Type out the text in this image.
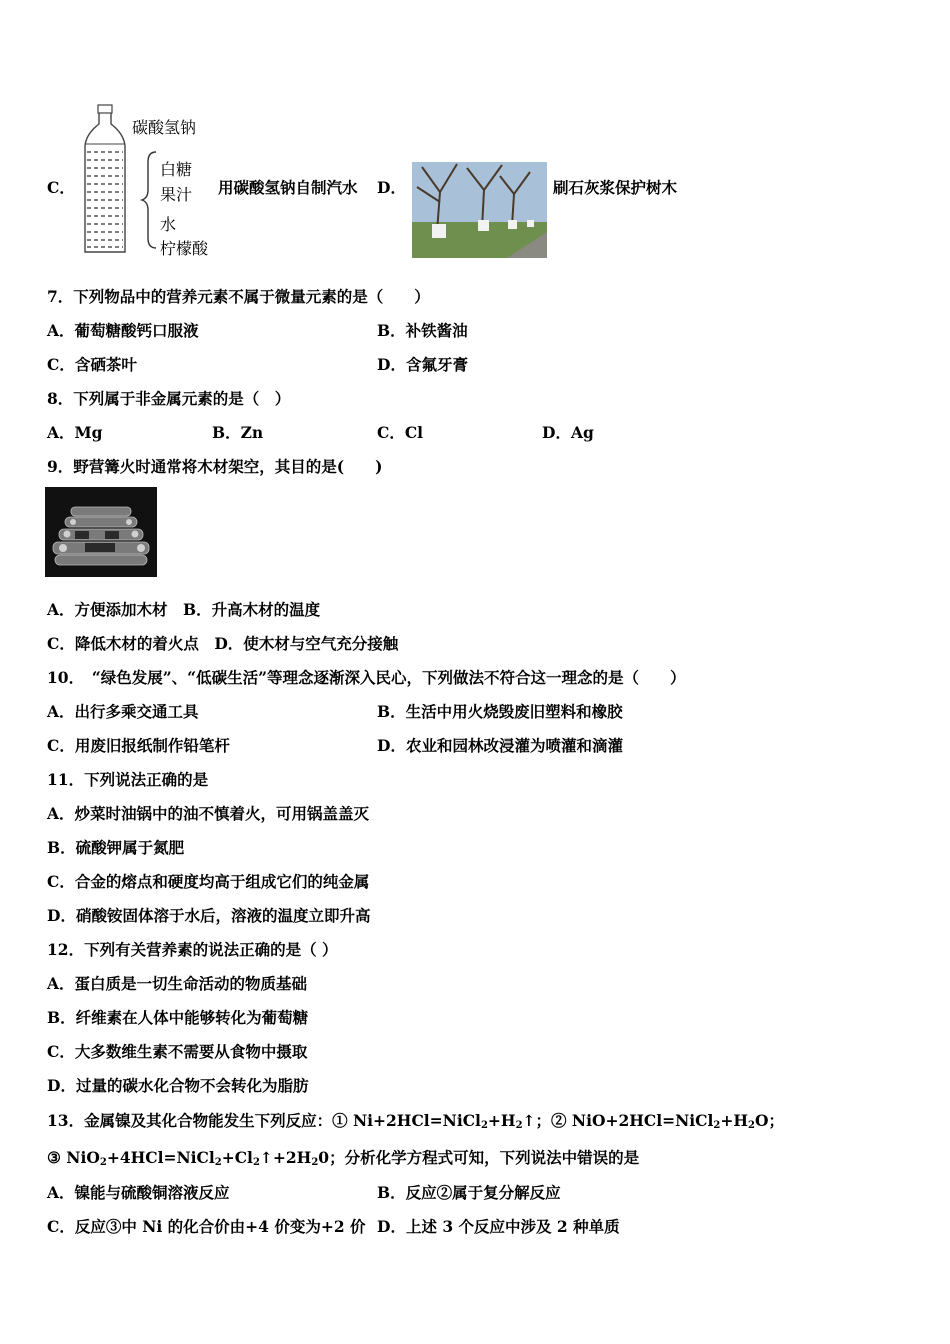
C．
碳酸氢钠
白糖
果汁
水
柠檬酸
用碳酸氢钠自制汽水 D．	刷石灰浆保护树木
7．下列物品中的营养元素不属于微量元素的是（　　）
A．葡萄糖酸钙口服液	B．补铁酱油
C．含硒茶叶	D．含氟牙膏
8．下列属于非金属元素的是（　）
A．Mg	B．Zn	C．Cl	D．Ag
9．野营篝火时通常将木材架空，其目的是(　　)
A．方便添加木材　B．升高木材的温度
C．降低木材的着火点　D．使木材与空气充分接触
10．　“绿色发展”、“低碳生活”等理念逐渐深入民心，下列做法不符合这一理念的是（　　）
A．出行多乘交通工具	B．生活中用火烧毁废旧塑料和橡胶
C．用废旧报纸制作铅笔杆	D．农业和园林改浸灌为喷灌和滴灌
11．下列说法正确的是
A．炒菜时油锅中的油不慎着火，可用锅盖盖灭
B．硫酸钾属于氮肥
C．合金的熔点和硬度均高于组成它们的纯金属
D．硝酸铵固体溶于水后，溶液的温度立即升高
12．下列有关营养素的说法正确的是（ ）
A．蛋白质是一切生命活动的物质基础
B．纤维素在人体中能够转化为葡萄糖
C．大多数维生素不需要从食物中摄取
D．过量的碳水化合物不会转化为脂肪
13．金属镍及其化合物能发生下列反应：① $Ni+2HCl=NiCl_2+H_2↑$；② $NiO+2HCl=NiCl_2+H_2O$；
③ $NiO_2+4HCl=NiCl_2+Cl_2↑+2H_20$；分析化学方程式可知，下列说法中错误的是
A．镍能与硫酸铜溶液反应	B．反应②属于复分解反应
C．反应③中 Ni 的化合价由+4 价变为+2 价 D．上述 3 个反应中涉及 2 种单质
